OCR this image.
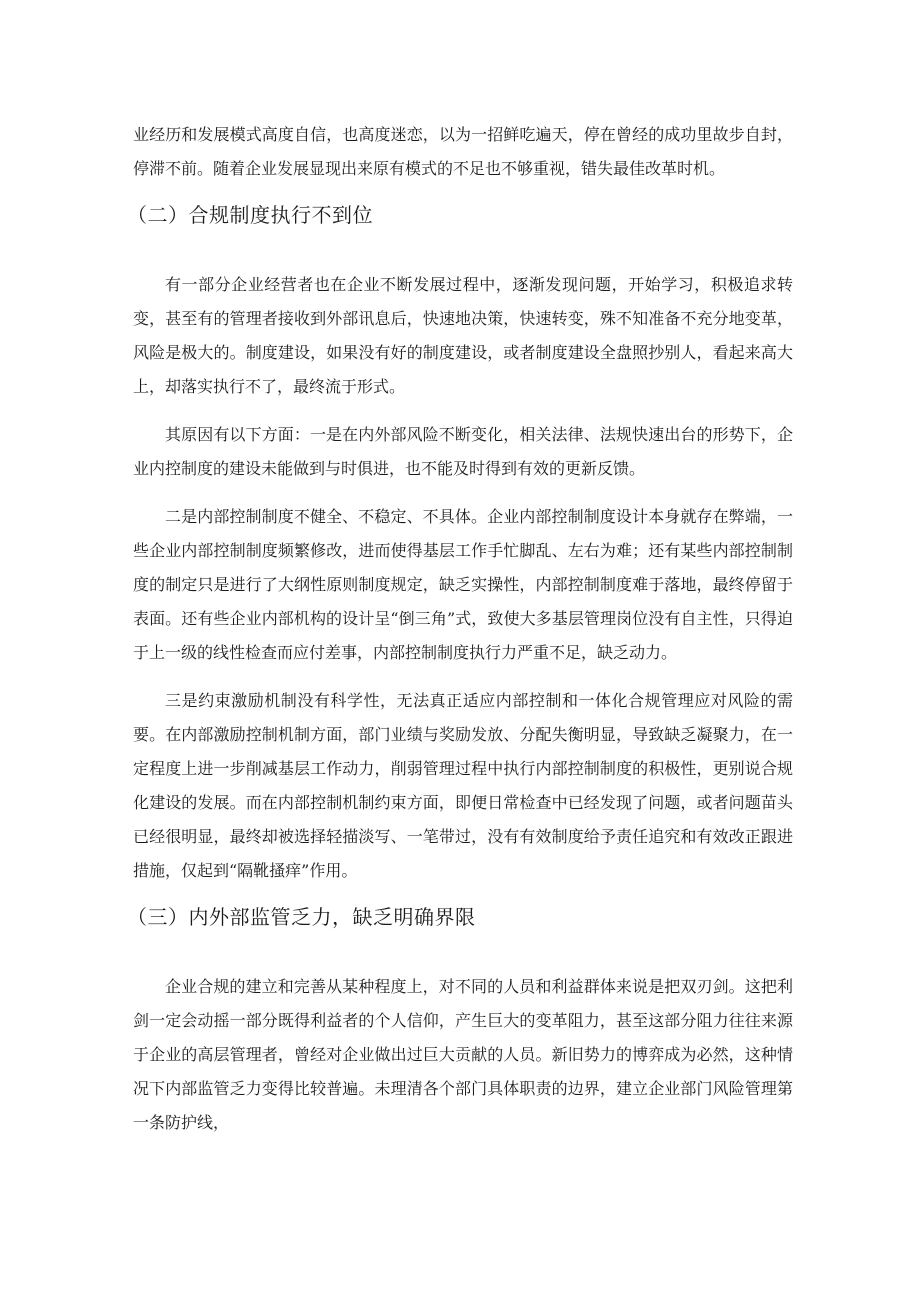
业经历和发展模式高度自信，也高度迷恋，以为一招鲜吃遍天，停在曾经的成功里故步自封，停滞不前。随着企业发展显现出来原有模式的不足也不够重视，错失最佳改革时机。

（二）合规制度执行不到位

有一部分企业经营者也在企业不断发展过程中，逐渐发现问题，开始学习，积极追求转变，甚至有的管理者接收到外部讯息后，快速地决策，快速转变，殊不知准备不充分地变革，风险是极大的。制度建设，如果没有好的制度建设，或者制度建设全盘照抄别人，看起来高大上，却落实执行不了，最终流于形式。

其原因有以下方面：一是在内外部风险不断变化，相关法律、法规快速出台的形势下，企业内控制度的建设未能做到与时俱进，也不能及时得到有效的更新反馈。

二是内部控制制度不健全、不稳定、不具体。企业内部控制制度设计本身就存在弊端，一些企业内部控制制度频繁修改，进而使得基层工作手忙脚乱、左右为难；还有某些内部控制制度的制定只是进行了大纲性原则制度规定，缺乏实操性，内部控制制度难于落地，最终停留于表面。还有些企业内部机构的设计呈“倒三角”式，致使大多基层管理岗位没有自主性，只得迫于上一级的线性检查而应付差事，内部控制制度执行力严重不足，缺乏动力。

三是约束激励机制没有科学性，无法真正适应内部控制和一体化合规管理应对风险的需要。在内部激励控制机制方面，部门业绩与奖励发放、分配失衡明显，导致缺乏凝聚力，在一定程度上进一步削减基层工作动力，削弱管理过程中执行内部控制制度的积极性，更别说合规化建设的发展。而在内部控制机制约束方面，即便日常检查中已经发现了问题，或者问题苗头已经很明显，最终却被选择轻描淡写、一笔带过，没有有效制度给予责任追究和有效改正跟进措施，仅起到“隔靴搔痒”作用。

（三）内外部监管乏力，缺乏明确界限

企业合规的建立和完善从某种程度上，对不同的人员和利益群体来说是把双刃剑。这把利剑一定会动摇一部分既得利益者的个人信仰，产生巨大的变革阻力，甚至这部分阻力往往来源于企业的高层管理者，曾经对企业做出过巨大贡献的人员。新旧势力的博弈成为必然，这种情况下内部监管乏力变得比较普遍。未理清各个部门具体职责的边界，建立企业部门风险管理第一条防护线，
